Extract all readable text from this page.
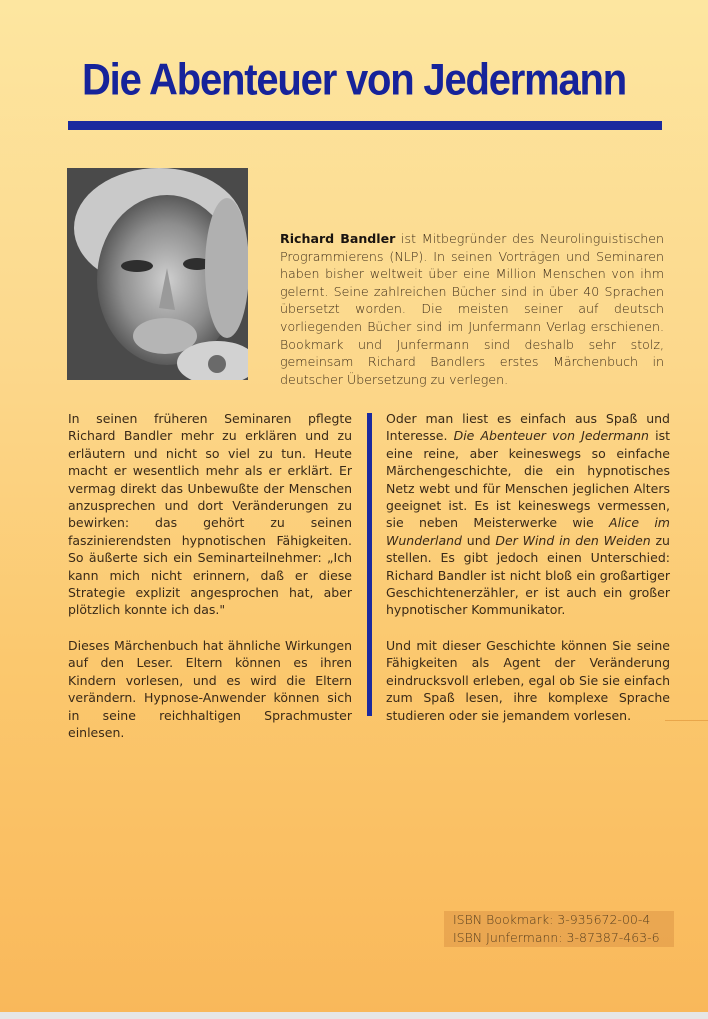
Die Abenteuer von Jedermann
Richard Bandler ist Mitbegründer des Neurolinguistischen Programmierens (NLP). In seinen Vorträgen und Seminaren haben bisher weltweit über eine Million Menschen von ihm gelernt. Seine zahlreichen Bücher sind in über 40 Sprachen übersetzt worden. Die meisten seiner auf deutsch vorliegenden Bücher sind im Junfermann Verlag erschienen. Bookmark und Junfermann sind deshalb sehr stolz, gemeinsam Richard Bandlers erstes Märchenbuch in deutscher Übersetzung zu verlegen.

In seinen früheren Seminaren pflegte Richard Bandler mehr zu erklären und zu erläutern und nicht so viel zu tun. Heute macht er wesentlich mehr als er erklärt. Er vermag direkt das Unbewußte der Menschen anzusprechen und dort Veränderungen zu bewirken: das gehört zu seinen faszinierendsten hypnotischen Fähigkeiten. So äußerte sich ein Seminarteilnehmer: „Ich kann mich nicht erinnern, daß er diese Strategie explizit angesprochen hat, aber plötzlich konnte ich das."

Dieses Märchenbuch hat ähnliche Wirkungen auf den Leser. Eltern können es ihren Kindern vorlesen, und es wird die Eltern verändern. Hypnose-Anwender können sich in seine reichhaltigen Sprachmuster einlesen.

Oder man liest es einfach aus Spaß und Interesse. Die Abenteuer von Jedermann ist eine reine, aber keineswegs so einfache Märchengeschichte, die ein hypnotisches Netz webt und für Menschen jeglichen Alters geeignet ist. Es ist keineswegs vermessen, sie neben Meisterwerke wie Alice im Wunderland und Der Wind in den Weiden zu stellen. Es gibt jedoch einen Unterschied: Richard Bandler ist nicht bloß ein großartiger Geschichtenerzähler, er ist auch ein großer hypnotischer Kommunikator.

Und mit dieser Geschichte können Sie seine Fähigkeiten als Agent der Veränderung eindrucksvoll erleben, egal ob Sie sie einfach zum Spaß lesen, ihre komplexe Sprache studieren oder sie jemandem vorlesen.

ISBN Bookmark: 3-935672-00-4
ISBN Junfermann: 3-87387-463-6
